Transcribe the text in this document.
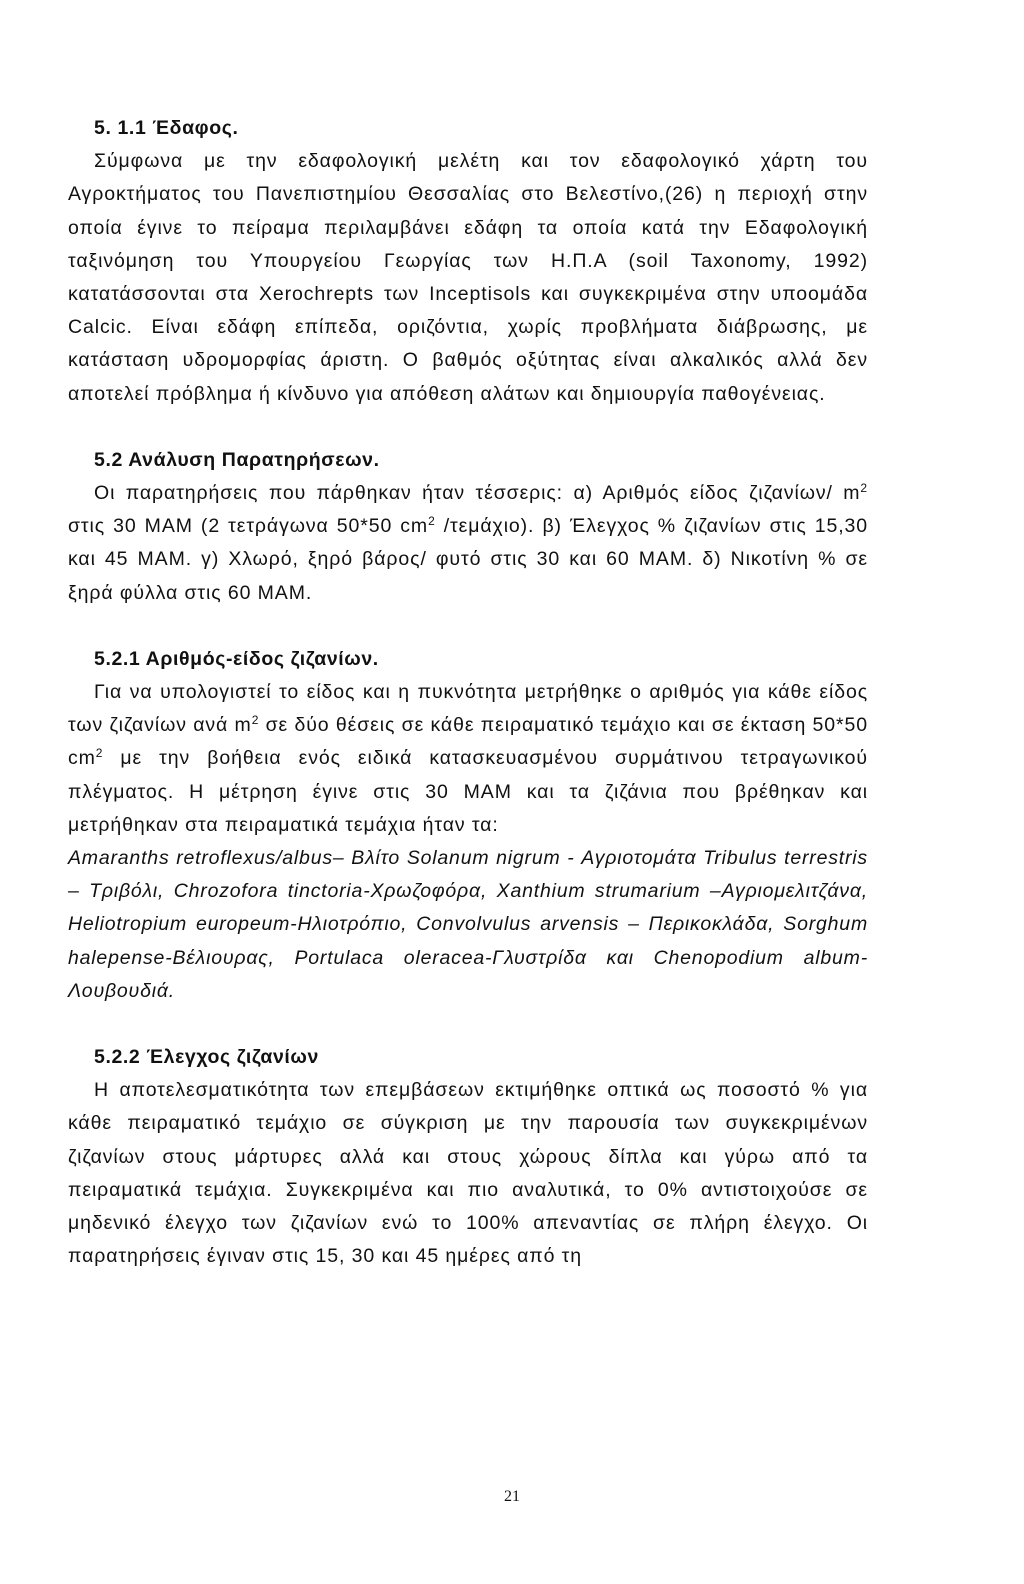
5. 1.1 Έδαφος.

Σύμφωνα με την εδαφολογική μελέτη και τον εδαφολογικό χάρτη του Αγροκτήματος του Πανεπιστημίου Θεσσαλίας στο Βελεστίνο,(26) η περιοχή στην οποία έγινε το πείραμα περιλαμβάνει εδάφη τα οποία κατά την Εδαφολογική ταξινόμηση του Υπουργείου Γεωργίας των Η.Π.Α (soil Taxonomy, 1992) κατατάσσονται στα Xerochrepts των Inceptisols και συγκεκριμένα στην υποομάδα Calcic. Είναι εδάφη επίπεδα, οριζόντια, χωρίς προβλήματα διάβρωσης, με κατάσταση υδρομορφίας άριστη. Ο βαθμός οξύτητας είναι αλκαλικός αλλά δεν αποτελεί πρόβλημα ή κίνδυνο για απόθεση αλάτων και δημιουργία παθογένειας.

5.2 Ανάλυση Παρατηρήσεων.

Οι παρατηρήσεις που πάρθηκαν ήταν τέσσερις: α) Αριθμός είδος ζιζανίων/ $m^2$ στις 30 ΜΑΜ (2 τετράγωνα 50*50 $cm^2$ /τεμάχιο). β) Έλεγχος % ζιζανίων στις 15,30 και 45 ΜΑΜ. γ) Χλωρό, ξηρό βάρος/ φυτό στις 30 και 60 ΜΑΜ. δ) Νικοτίνη % σε ξηρά φύλλα στις 60 ΜΑΜ.

5.2.1 Αριθμός-είδος ζιζανίων.

Για να υπολογιστεί το είδος και η πυκνότητα μετρήθηκε ο αριθμός για κάθε είδος των ζιζανίων ανά $m^2$ σε δύο θέσεις σε κάθε πειραματικό τεμάχιο και σε έκταση 50*50 $cm^2$ με την βοήθεια ενός ειδικά κατασκευασμένου συρμάτινου τετραγωνικού πλέγματος. Η μέτρηση έγινε στις 30 ΜΑΜ και τα ζιζάνια που βρέθηκαν και μετρήθηκαν στα πειραματικά τεμάχια ήταν τα:

Amaranths retroflexus/albus– Βλίτο Solanum nigrum - Αγριοτομάτα Tribulus terrestris – Τριβόλι, Chrozofora tinctoria-Χρωζοφόρα, Xanthium strumarium –Αγριομελιτζάνα, Heliotropium europeum-Ηλιοτρόπιο, Convolvulus arvensis – Περικοκλάδα, Sorghum halepense-Βέλιουρας, Portulaca oleracea-Γλυστρίδα και Chenopodium album-Λουβουδιά.

5.2.2 Έλεγχος ζιζανίων

Η αποτελεσματικότητα των επεμβάσεων εκτιμήθηκε οπτικά ως ποσοστό % για κάθε πειραματικό τεμάχιο σε σύγκριση με την παρουσία των συγκεκριμένων ζιζανίων στους μάρτυρες αλλά και στους χώρους δίπλα και γύρω από τα πειραματικά τεμάχια. Συγκεκριμένα και πιο αναλυτικά, το 0% αντιστοιχούσε σε μηδενικό έλεγχο των ζιζανίων ενώ το 100% απεναντίας σε πλήρη έλεγχο. Οι παρατηρήσεις έγιναν στις 15, 30 και 45 ημέρες από τη

21
